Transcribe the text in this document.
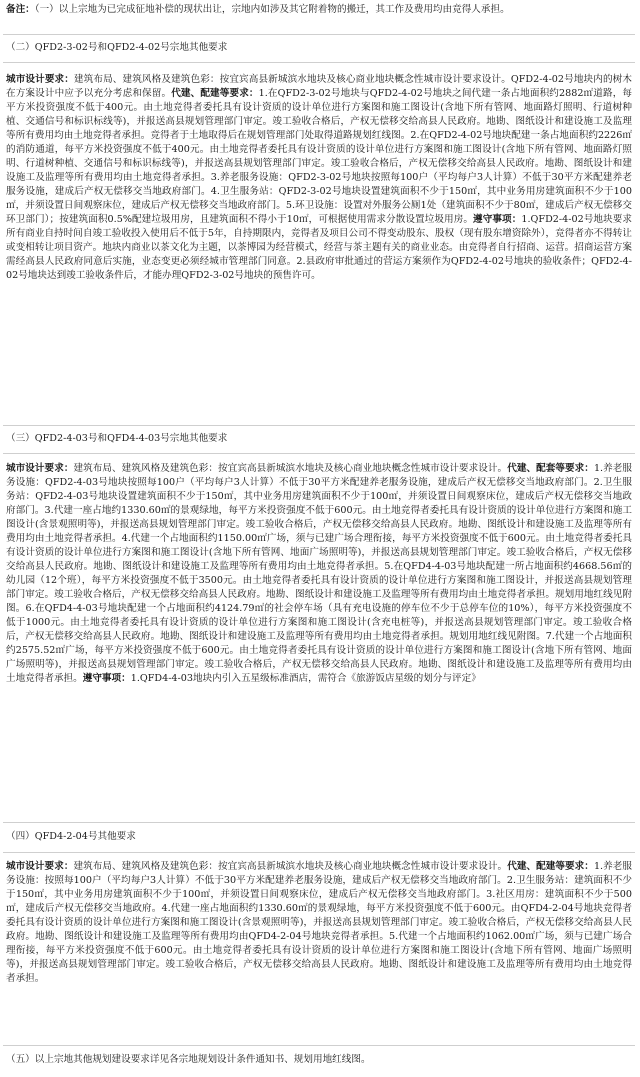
备注：（一）以上宗地为已完成征地补偿的现状出让，宗地内如涉及其它附着物的搬迁，其工作及费用均由竞得人承担。

（二）QFD2-3-02号和QFD2-4-02号宗地其他要求

城市设计要求：建筑布局、建筑风格及建筑色彩：按宜宾高县新城滨水地块及核心商业地块概念性城市设计要求设计。QFD2-4-02号地块内的树木在方案设计中应予以充分考虑和保留。代建、配建等要求：1.在QFD2-3-02号地块与QFD2-4-02号地块之间代建一条占地面积约2882㎡道路，每平方米投资强度不低于400元。由土地竞得者委托具有设计资质的设计单位进行方案图和施工图设计(含地下所有管网、地面路灯照明、行道树种植、交通信号和标识标线等)，并报送高县规划管理部门审定。竣工验收合格后，产权无偿移交给高县人民政府。地勘、图纸设计和建设施工及监理等所有费用均由土地竞得者承担。竞得者于土地取得后在规划管理部门处取得道路规划红线图。2.在QFD2-4-02号地块配建一条占地面积约2226㎡的消防通道，每平方米投资强度不低于400元。由土地竞得者委托具有设计资质的设计单位进行方案图和施工图设计(含地下所有管网、地面路灯照明、行道树种植、交通信号和标识标线等)，并报送高县规划管理部门审定。竣工验收合格后，产权无偿移交给高县人民政府。地勘、图纸设计和建设施工及监理等所有费用均由土地竞得者承担。3.养老服务设施：QFD2-3-02号地块按照每100户（平均每户3人计算）不低于30平方米配建养老服务设施，建成后产权无偿移交当地政府部门。4.卫生服务站：QFD2-3-02号地块设置建筑面积不少于150㎡，其中业务用房建筑面积不少于100㎡，并须设置日间观察床位，建成后产权无偿移交当地政府部门。5.环卫设施：设置对外服务公厕1处（建筑面积不少于80㎡，建成后产权无偿移交环卫部门）；按建筑面积0.5%配建垃圾用房，且建筑面积不得小于10㎡，可根据使用需求分散设置垃圾用房。遵守事项：1.QFD2-4-02号地块要求所有商业自持时间自竣工验收投入使用后不低于5年，自持期限内，竞得者及项目公司不得变动股东、股权（现有股东增资除外），竞得者亦不得转让或变相转让项目资产。地块内商业以茶文化为主题，以茶博园为经营模式，经营与茶主题有关的商业业态。由竞得者自行招商、运营。招商运营方案需经高县人民政府同意后实施，业态变更必须经城市管理部门同意。2.县政府审批通过的营运方案须作为QFD2-4-02号地块的验收条件；QFD2-4-02号地块达到竣工验收条件后，才能办理QFD2-3-02号地块的预售许可。

（三）QFD2-4-03号和QFD4-4-03号宗地其他要求

城市设计要求：建筑布局、建筑风格及建筑色彩：按宜宾高县新城滨水地块及核心商业地块概念性城市设计要求设计。代建、配套等要求：1.养老服务设施：QFD2-4-03号地块按照每100户（平均每户3人计算）不低于30平方米配建养老服务设施，建成后产权无偿移交当地政府部门。2.卫生服务站：QFD2-4-03号地块设置建筑面积不少于150㎡，其中业务用房建筑面积不少于100㎡，并须设置日间观察床位，建成后产权无偿移交当地政府部门。3.代建一座占地约1330.60㎡的景观绿地，每平方米投资强度不低于600元。由土地竞得者委托具有设计资质的设计单位进行方案图和施工图设计(含景观照明等)，并报送高县规划管理部门审定。竣工验收合格后，产权无偿移交给高县人民政府。地勘、图纸设计和建设施工及监理等所有费用均由土地竞得者承担。4.代建一个占地面积约1150.00㎡广场，须与已建广场合理衔接，每平方米投资强度不低于600元。由土地竞得者委托具有设计资质的设计单位进行方案图和施工图设计(含地下所有管网、地面广场照明等)，并报送高县规划管理部门审定。竣工验收合格后，产权无偿移交给高县人民政府。地勘、图纸设计和建设施工及监理等所有费用均由土地竞得者承担。5.在QFD4-4-03号地块配建一所占地面积约4668.56㎡的幼儿园（12个班），每平方米投资强度不低于3500元。由土地竞得者委托具有设计资质的设计单位进行方案图和施工图设计，并报送高县规划管理部门审定。竣工验收合格后，产权无偿移交给高县人民政府。地勘、图纸设计和建设施工及监理等所有费用均由土地竞得者承担。规划用地红线见附图。6.在QFD4-4-03号地块配建一个占地面积约4124.79㎡的社会停车场（具有充电设施的停车位不少于总停车位的10%），每平方米投资强度不低于1000元。由土地竞得者委托具有设计资质的设计单位进行方案图和施工图设计(含充电桩等)，并报送高县规划管理部门审定。竣工验收合格后，产权无偿移交给高县人民政府。地勘、图纸设计和建设施工及监理等所有费用均由土地竞得者承担。规划用地红线见附图。7.代建一个占地面积约2575.52㎡广场，每平方米投资强度不低于600元。由土地竞得者委托具有设计资质的设计单位进行方案图和施工图设计(含地下所有管网、地面广场照明等)，并报送高县规划管理部门审定。竣工验收合格后，产权无偿移交给高县人民政府。地勘、图纸设计和建设施工及监理等所有费用均由土地竞得者承担。遵守事项：1.QFD4-4-03地块内引入五星级标准酒店，需符合《旅游饭店星级的划分与评定》

（四）QFD4-2-04号其他要求

城市设计要求：建筑布局、建筑风格及建筑色彩：按宜宾高县新城滨水地块及核心商业地块概念性城市设计要求设计。代建、配建等要求：1.养老服务设施：按照每100户（平均每户3人计算）不低于30平方米配建养老服务设施，建成后产权无偿移交当地政府部门。2.卫生服务站：建筑面积不少于150㎡，其中业务用房建筑面积不少于100㎡，并须设置日间观察床位，建成后产权无偿移交当地政府部门。3.社区用房：建筑面积不少于500㎡，建成后产权无偿移交当地政府。4.代建一座占地面积约1330.60㎡的景观绿地，每平方米投资强度不低于600元。由QFD4-2-04号地块竞得者委托具有设计资质的设计单位进行方案图和施工图设计(含景观照明等)，并报送高县规划管理部门审定。竣工验收合格后，产权无偿移交给高县人民政府。地勘、图纸设计和建设施工及监理等所有费用均由QFD4-2-04号地块竞得者承担。5.代建一个占地面积约1062.00㎡广场，须与已建广场合理衔接，每平方米投资强度不低于600元。由土地竞得者委托具有设计资质的设计单位进行方案图和施工图设计(含地下所有管网、地面广场照明等)，并报送高县规划管理部门审定。竣工验收合格后，产权无偿移交给高县人民政府。地勘、图纸设计和建设施工及监理等所有费用均由土地竞得者承担。

（五）以上宗地其他规划建设要求详见各宗地规划设计条件通知书、规划用地红线图。
